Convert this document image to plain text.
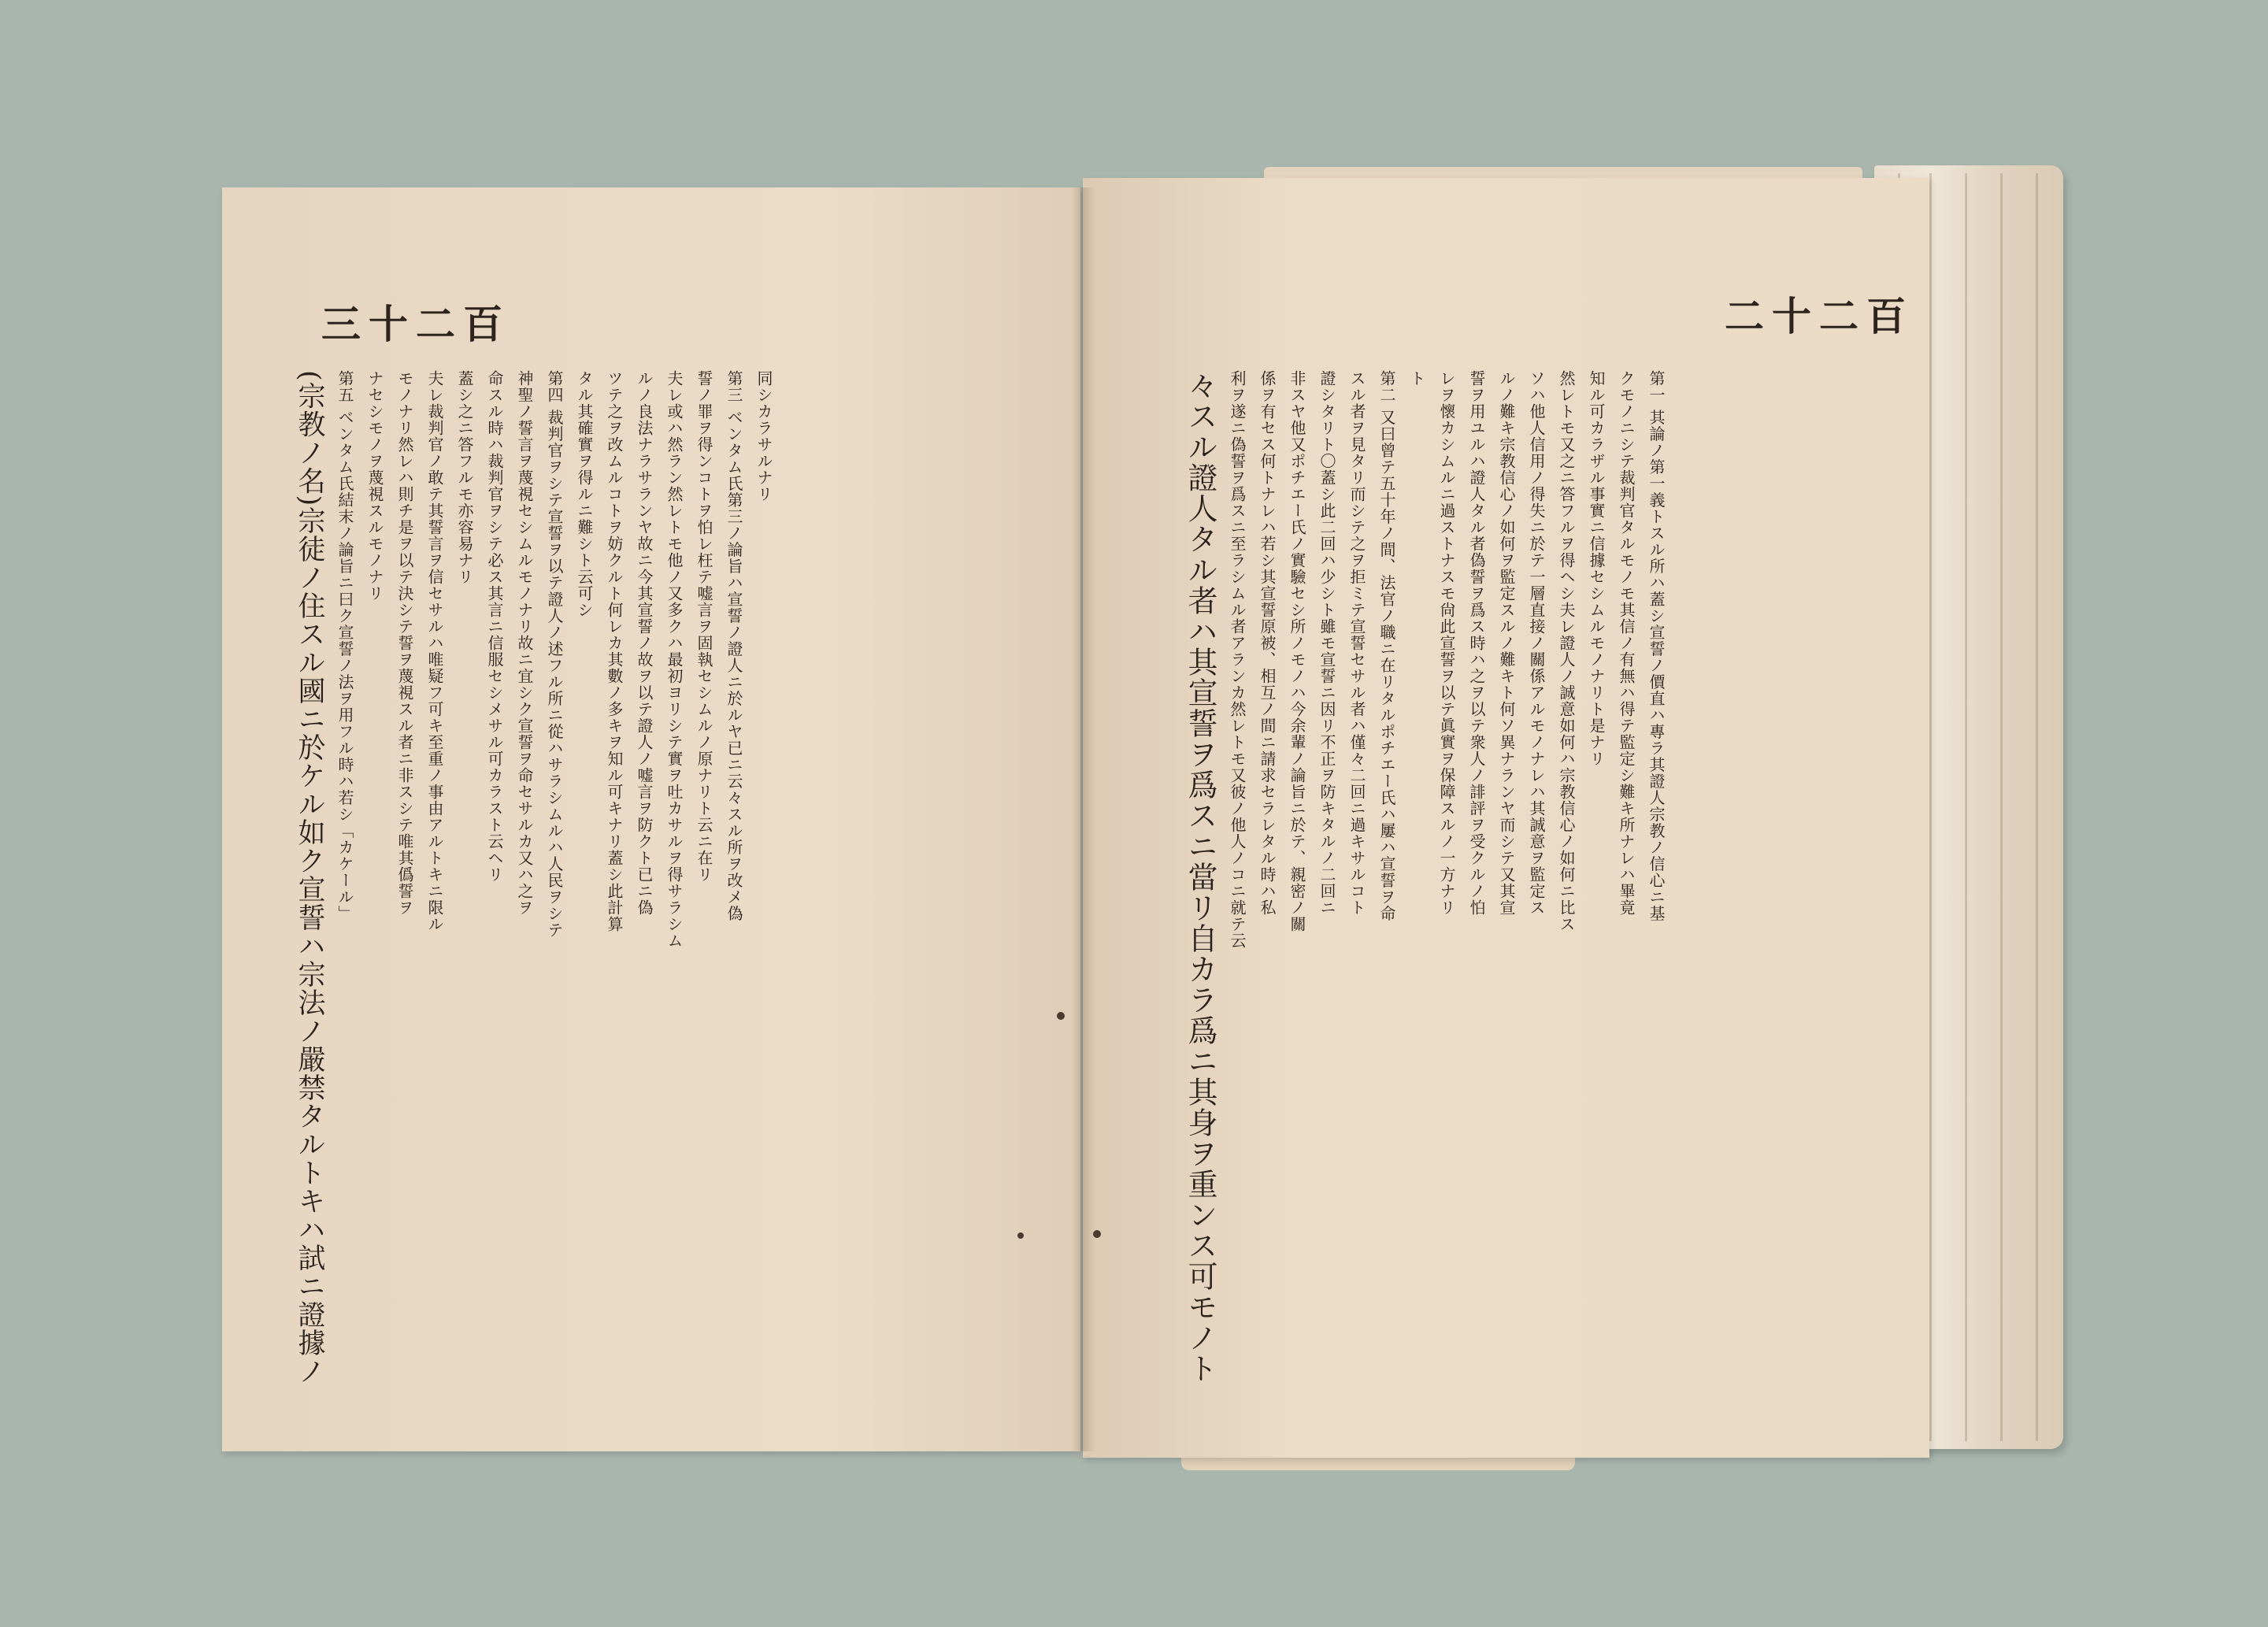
三十二百
同シカラサルナリ
第三 ベンタム氏第三ノ論旨ハ宣誓ノ證人ニ於ルヤ已ニ云々スル所ヲ改メ偽
誓ノ罪ヲ得ンコトヲ怕レ枉テ嘘言ヲ固執セシムルノ原ナリト云ニ在リ
夫レ或ハ然ラン然レトモ他ノ又多クハ最初ヨリシテ實ヲ吐カサルヲ得サラシム
ルノ良法ナラサランヤ故ニ今其宣誓ノ故ヲ以テ證人ノ嘘言ヲ防クト已ニ偽
ツテ之ヲ改ムルコトヲ妨クルト何レカ其數ノ多キヲ知ル可キナリ蓋シ此計算
タル其確實ヲ得ルニ難シト云可シ
第四 裁判官ヲシテ宣誓ヲ以テ證人ノ述フル所ニ從ハサラシムルハ人民ヲシテ
神聖ノ誓言ヲ蔑視セシムルモノナリ故ニ宜シク宣誓ヲ命セサルカ又ハ之ヲ
命スル時ハ裁判官ヲシテ必ス其言ニ信服セシメサル可カラスト云ヘリ
蓋シ之ニ答フルモ亦容易ナリ
夫レ裁判官ノ敢テ其誓言ヲ信セサルハ唯疑フ可キ至重ノ事由アルトキニ限ル
モノナリ然レハ則チ是ヲ以テ決シテ誓ヲ蔑視スル者ニ非スシテ唯其僞誓ヲ
ナセシモノヲ蔑視スルモノナリ
第五 ベンタム氏結末ノ論旨ニ曰ク宣誓ノ法ヲ用フル時ハ若シ「カケール」
(宗教ノ名)宗徒ノ住スル國ニ於ケル如ク宣誓ハ宗法ノ嚴禁タルトキハ試ニ證據ノ
二十二百
第一 其論ノ第一義トスル所ハ蓋シ宣誓ノ價直ハ專ラ其證人宗教ノ信心ニ基
クモノニシテ裁判官タルモノモ其信ノ有無ハ得テ監定シ難キ所ナレハ畢竟
知ル可カラザル事實ニ信據セシムルモノナリト是ナリ
然レトモ又之ニ答フルヲ得ヘシ夫レ證人ノ誠意如何ハ宗教信心ノ如何ニ比ス
ソハ他人信用ノ得失ニ於テ一層直接ノ關係アルモノナレハ其誠意ヲ監定ス
ルノ難キ宗教信心ノ如何ヲ監定スルノ難キト何ソ異ナランヤ而シテ又其宣
誓ヲ用ユルハ證人タル者偽誓ヲ爲ス時ハ之ヲ以テ衆人ノ誹評ヲ受クルノ怕
レヲ懷カシムルニ過ストナスモ尙此宣誓ヲ以テ眞實ヲ保障スルノ一方ナリ
ト
第二 又曰曾テ五十年ノ間、法官ノ職ニ在リタルポチエー氏ハ屢ハ宣誓ヲ命
スル者ヲ見タリ而シテ之ヲ拒ミテ宣誓セサル者ハ僅々二回ニ過キサルコト
證シタリト〇蓋シ此二回ハ少シト雖モ宣誓ニ因リ不正ヲ防キタルノ二回ニ
非スヤ他又ポチエー氏ノ實驗セシ所ノモノハ今余輩ノ論旨ニ於テ、親密ノ關
係ヲ有セス何トナレハ若シ其宣誓原被、相互ノ間ニ請求セラレタル時ハ私
利ヲ遂ニ偽誓ヲ爲スニ至ラシムル者アランカ然レトモ又彼ノ他人ノコニ就テ云
々スル證人タル者ハ其宣誓ヲ爲スニ當リ自カラ爲ニ其身ヲ重ンス可モノト
